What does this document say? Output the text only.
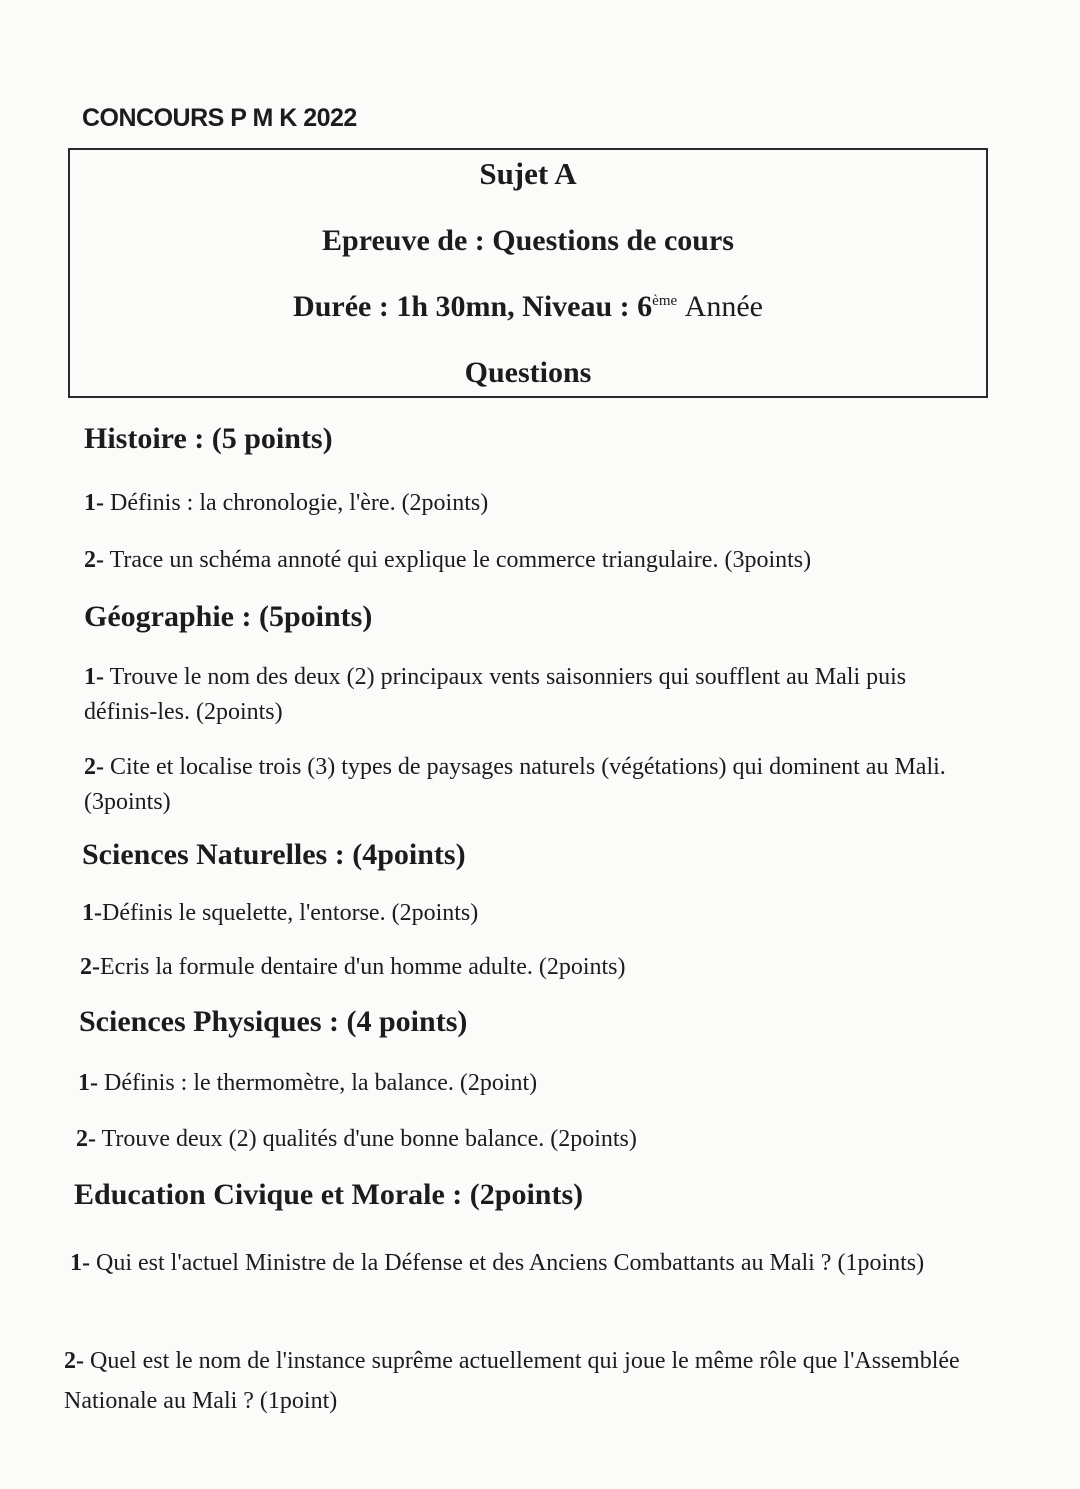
CONCOURS P M K 2022
Sujet A
Epreuve de : Questions de cours
Durée : 1h 30mn, Niveau : 6ème Année
Questions
Histoire : (5 points)
1- Définis : la chronologie, l'ère. (2points)
2- Trace un schéma annoté qui explique le commerce triangulaire. (3points)
Géographie : (5points)
1- Trouve le nom des deux (2) principaux vents saisonniers qui soufflent au Mali puis définis-les. (2points)
2- Cite et localise trois (3) types de paysages naturels (végétations) qui dominent au Mali. (3points)
Sciences Naturelles : (4points)
1-Définis le squelette, l'entorse. (2points)
2-Ecris la formule dentaire d'un homme adulte. (2points)
Sciences Physiques : (4 points)
1- Définis : le thermomètre, la balance. (2point)
2- Trouve deux (2) qualités d'une bonne balance. (2points)
Education Civique et Morale : (2points)
1- Qui est l'actuel Ministre de la Défense et des Anciens Combattants au Mali ? (1points)
2- Quel est le nom de l'instance suprême actuellement qui joue le même rôle que l'Assemblée Nationale au Mali ? (1point)
